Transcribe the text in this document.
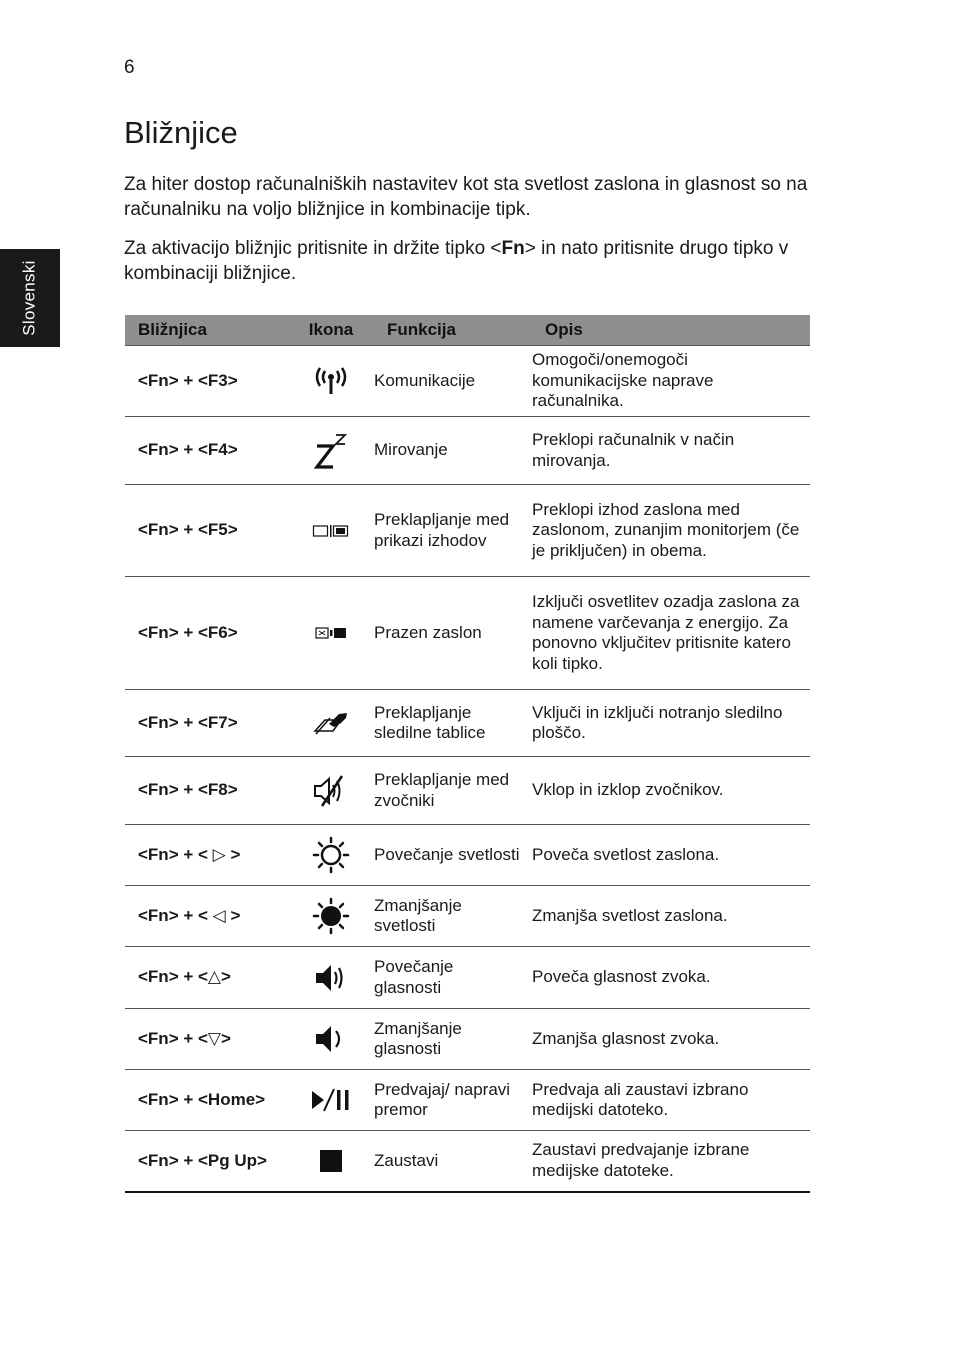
6
Slovenski
Bližnjice

Za hiter dostop računalniških nastavitev kot sta svetlost zaslona in glasnost so na računalniku na voljo bližnjice in kombinacije tipk.

Za aktivacijo bližnjic pritisnite in držite tipko <Fn> in nato pritisnite drugo tipko v kombinaciji bližnjice.

Bližnjica	Ikona	Funkcija	Opis
<Fn> + <F3>		Komunikacije	Omogoči/onemogoči komunikacijske naprave računalnika.
<Fn> + <F4>		Mirovanje	Preklopi računalnik v način mirovanja.
<Fn> + <F5>		Preklapljanje med prikazi izhodov	Preklopi izhod zaslona med zaslonom, zunanjim monitorjem (če je priključen) in obema.
<Fn> + <F6>		Prazen zaslon	Izključi osvetlitev ozadja zaslona za namene varčevanja z energijo. Za ponovno vključitev pritisnite katero koli tipko.
<Fn> + <F7>		Preklapljanje sledilne tablice	Vključi in izključi notranjo sledilno ploščo.
<Fn> + <F8>		Preklapljanje med zvočniki	Vklop in izklop zvočnikov.
<Fn> + < ▷ >		Povečanje svetlosti	Poveča svetlost zaslona.
<Fn> + < ◁ >		Zmanjšanje svetlosti	Zmanjša svetlost zaslona.
<Fn> + <△>		Povečanje glasnosti	Poveča glasnost zvoka.
<Fn> + <▽>		Zmanjšanje glasnosti	Zmanjša glasnost zvoka.
<Fn> + <Home>		Predvajaj/ napravi premor	Predvaja ali zaustavi izbrano medijski datoteko.
<Fn> + <Pg Up>		Zaustavi	Zaustavi predvajanje izbrane medijske datoteke.
